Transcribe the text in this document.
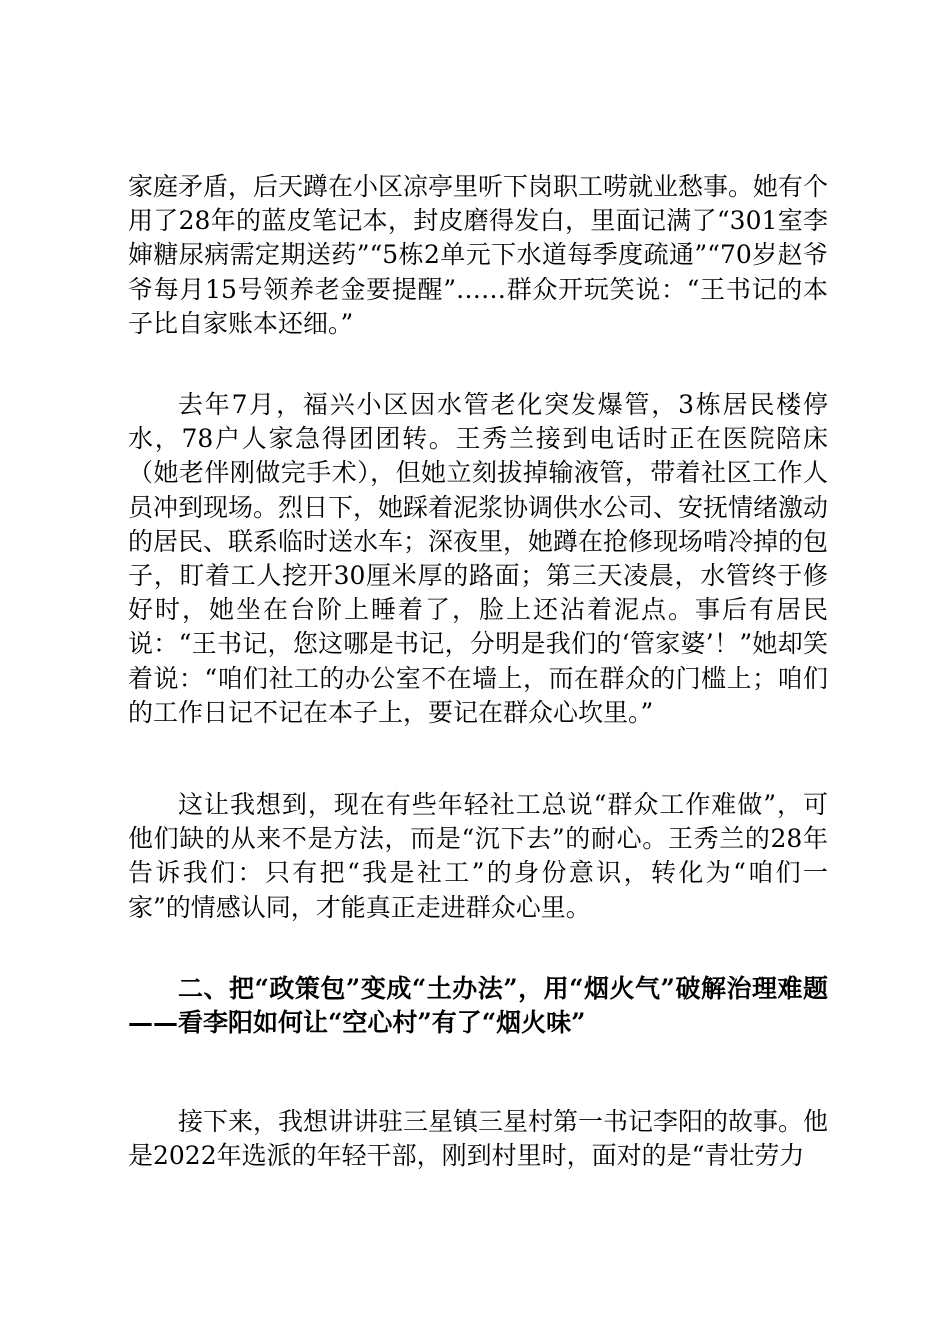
家庭矛盾，后天蹲在小区凉亭里听下岗职工唠就业愁事。她有个用了28年的蓝皮笔记本，封皮磨得发白，里面记满了“301室李婶糖尿病需定期送药”“5栋2单元下水道每季度疏通”“70岁赵爷爷每月15号领养老金要提醒”……群众开玩笑说：“王书记的本子比自家账本还细。”

去年7月，福兴小区因水管老化突发爆管，3栋居民楼停水，78户人家急得团团转。王秀兰接到电话时正在医院陪床（她老伴刚做完手术），但她立刻拔掉输液管，带着社区工作人员冲到现场。烈日下，她踩着泥浆协调供水公司、安抚情绪激动的居民、联系临时送水车；深夜里，她蹲在抢修现场啃冷掉的包子，盯着工人挖开30厘米厚的路面；第三天凌晨，水管终于修好时，她坐在台阶上睡着了，脸上还沾着泥点。事后有居民说：“王书记，您这哪是书记，分明是我们的‘管家婆’！”她却笑着说：“咱们社工的办公室不在墙上，而在群众的门槛上；咱们的工作日记不记在本子上，要记在群众心坎里。”

这让我想到，现在有些年轻社工总说“群众工作难做”，可他们缺的从来不是方法，而是“沉下去”的耐心。王秀兰的28年告诉我们：只有把“我是社工”的身份意识，转化为“咱们一家”的情感认同，才能真正走进群众心里。

二、把“政策包”变成“土办法”，用“烟火气”破解治理难题——看李阳如何让“空心村”有了“烟火味”

接下来，我想讲讲驻三星镇三星村第一书记李阳的故事。他是2022年选派的年轻干部，刚到村里时，面对的是“青壮劳力
